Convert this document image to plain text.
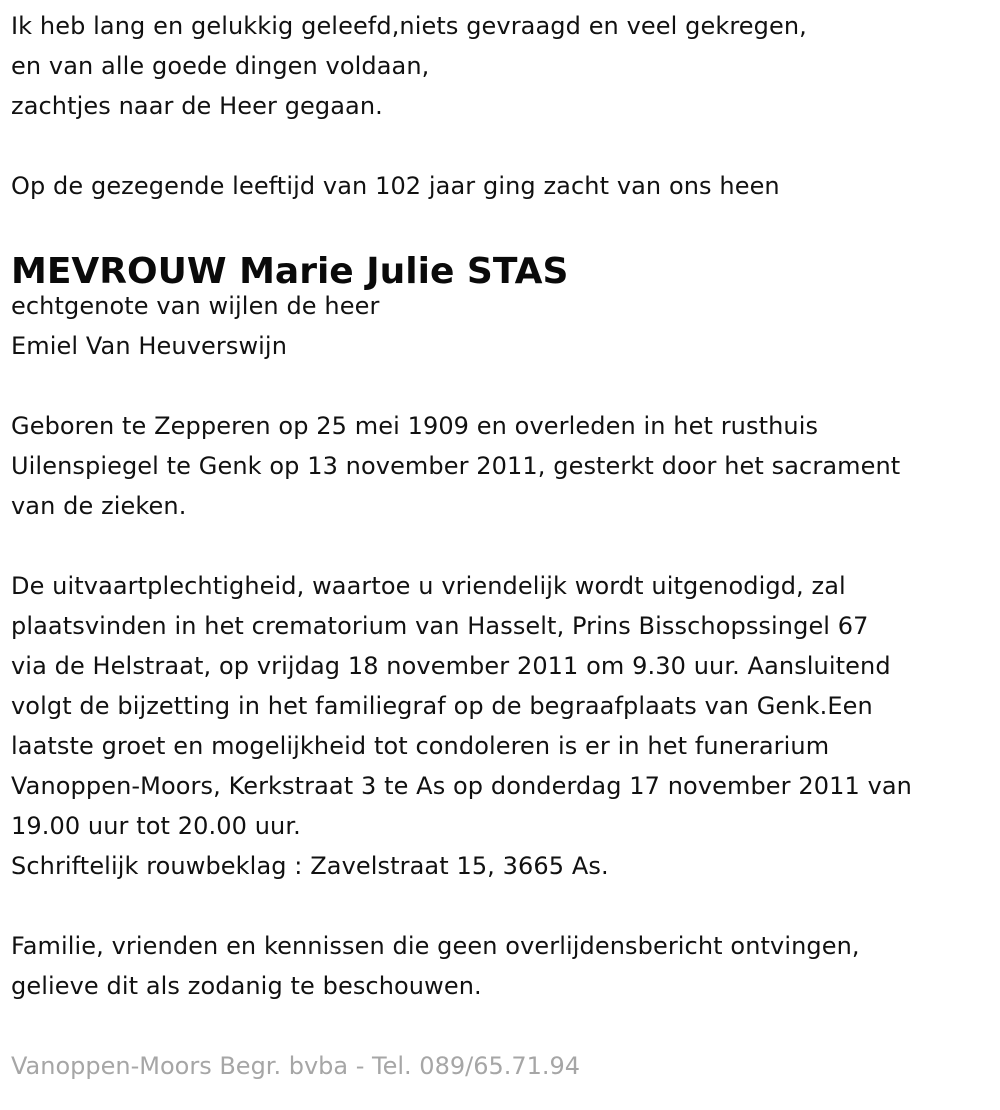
Ik heb lang en gelukkig geleefd,niets gevraagd en veel gekregen,
en van alle goede dingen voldaan,
zachtjes naar de Heer gegaan.
Op de gezegende leeftijd van 102 jaar ging zacht van ons heen
MEVROUW Marie Julie STAS
echtgenote van wijlen de heer
Emiel Van Heuverswijn
Geboren te Zepperen op 25 mei 1909 en overleden in het rusthuis
Uilenspiegel te Genk op 13 november 2011, gesterkt door het sacrament
van de zieken.
De uitvaartplechtigheid, waartoe u vriendelijk wordt uitgenodigd, zal
plaatsvinden in het crematorium van Hasselt, Prins Bisschopssingel 67
via de Helstraat, op vrijdag 18 november 2011 om 9.30 uur. Aansluitend
volgt de bijzetting in het familiegraf op de begraafplaats van Genk.Een
laatste groet en mogelijkheid tot condoleren is er in het funerarium
Vanoppen-Moors, Kerkstraat 3 te As op donderdag 17 november 2011 van
19.00 uur tot 20.00 uur.
Schriftelijk rouwbeklag : Zavelstraat 15, 3665 As.
Familie, vrienden en kennissen die geen overlijdensbericht ontvingen,
gelieve dit als zodanig te beschouwen.
Vanoppen-Moors Begr. bvba - Tel. 089/65.71.94
